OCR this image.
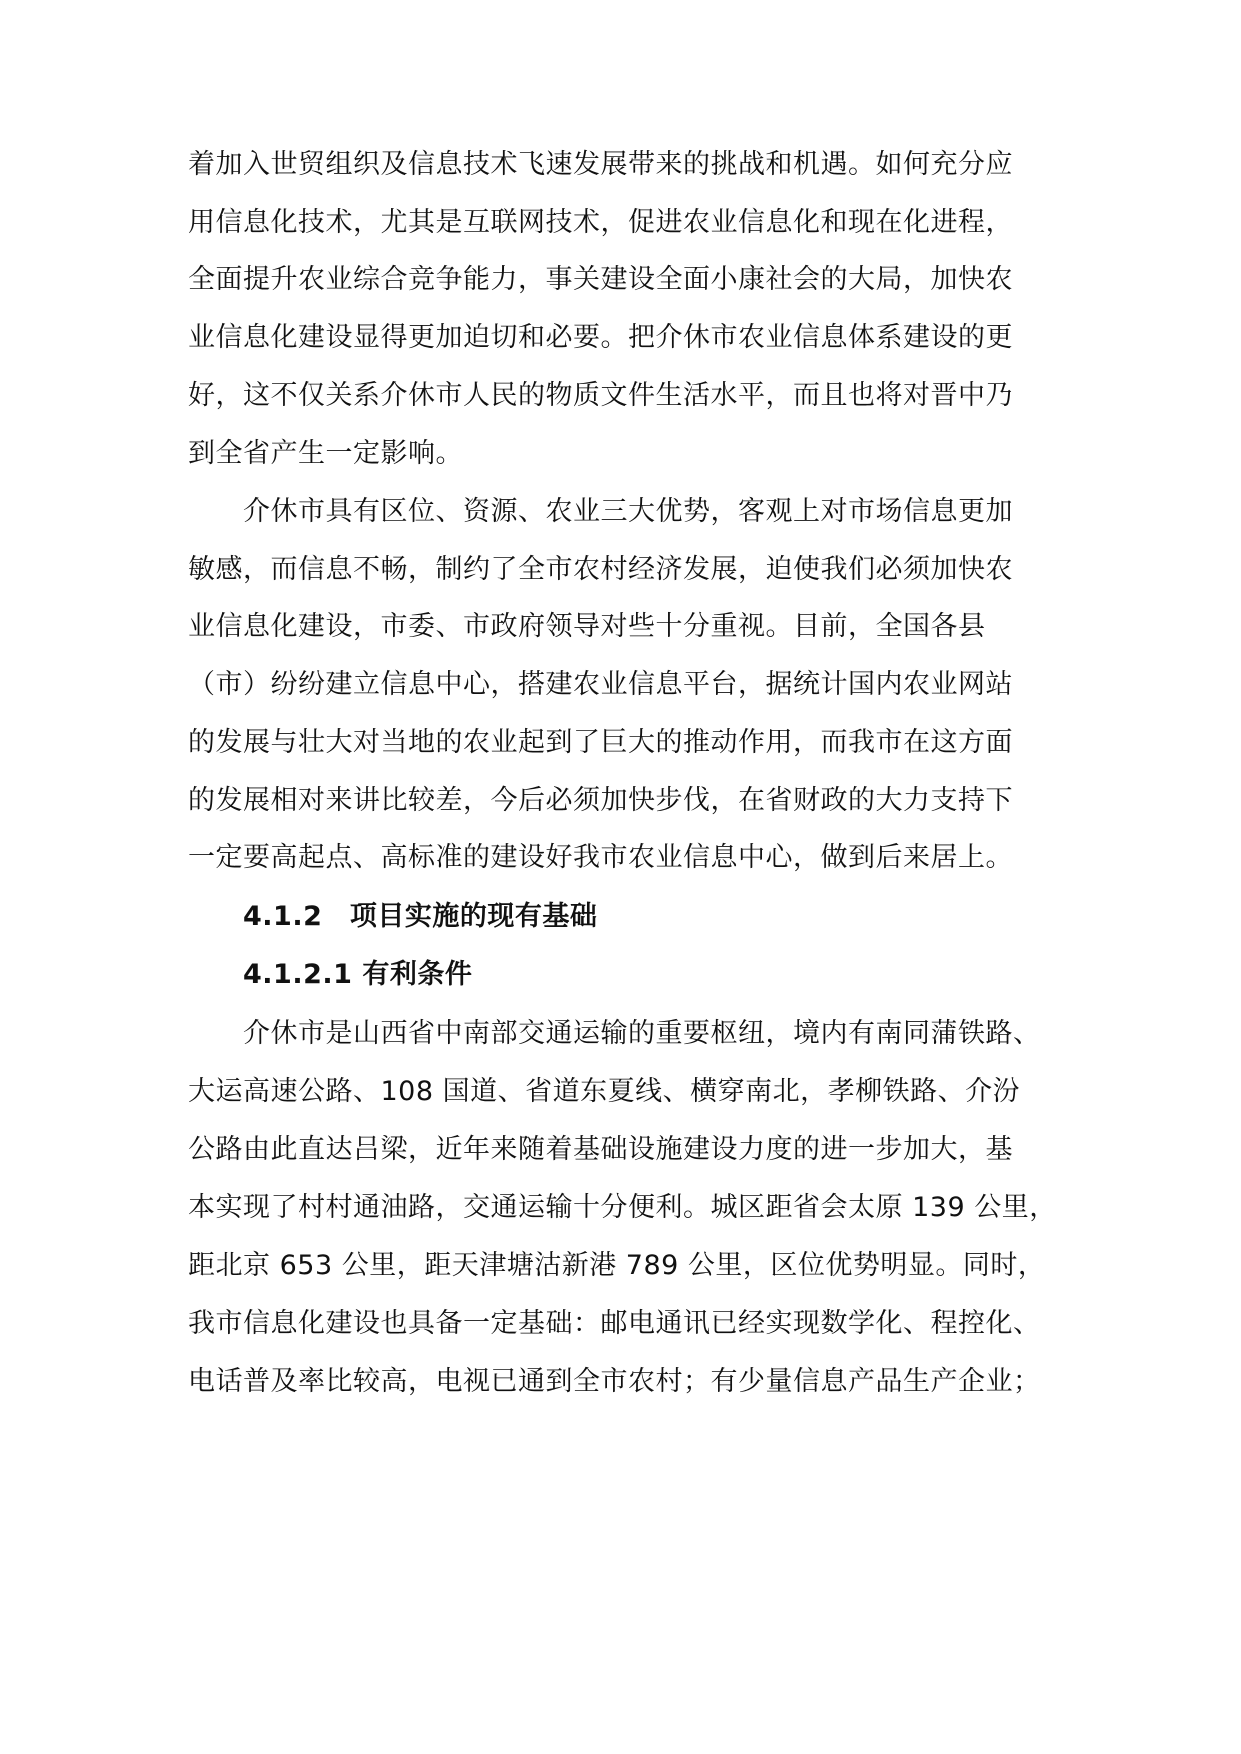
着加入世贸组织及信息技术飞速发展带来的挑战和机遇。如何充分应
用信息化技术，尤其是互联网技术，促进农业信息化和现在化进程，
全面提升农业综合竞争能力，事关建设全面小康社会的大局，加快农
业信息化建设显得更加迫切和必要。把介休市农业信息体系建设的更
好，这不仅关系介休市人民的物质文件生活水平，而且也将对晋中乃
到全省产生一定影响。
介休市具有区位、资源、农业三大优势，客观上对市场信息更加
敏感，而信息不畅，制约了全市农村经济发展，迫使我们必须加快农
业信息化建设，市委、市政府领导对些十分重视。目前，全国各县
（市）纷纷建立信息中心，搭建农业信息平台，据统计国内农业网站
的发展与壮大对当地的农业起到了巨大的推动作用，而我市在这方面
的发展相对来讲比较差，今后必须加快步伐，在省财政的大力支持下
一定要高起点、高标准的建设好我市农业信息中心，做到后来居上。
4.1.2　项目实施的现有基础
4.1.2.1 有利条件
介休市是山西省中南部交通运输的重要枢纽，境内有南同蒲铁路、
大运高速公路、108 国道、省道东夏线、横穿南北，孝柳铁路、介汾
公路由此直达吕梁，近年来随着基础设施建设力度的进一步加大，基
本实现了村村通油路，交通运输十分便利。城区距省会太原 139 公里，
距北京 653 公里，距天津塘沽新港 789 公里，区位优势明显。同时，
我市信息化建设也具备一定基础：邮电通讯已经实现数学化、程控化、
电话普及率比较高，电视已通到全市农村；有少量信息产品生产企业；
